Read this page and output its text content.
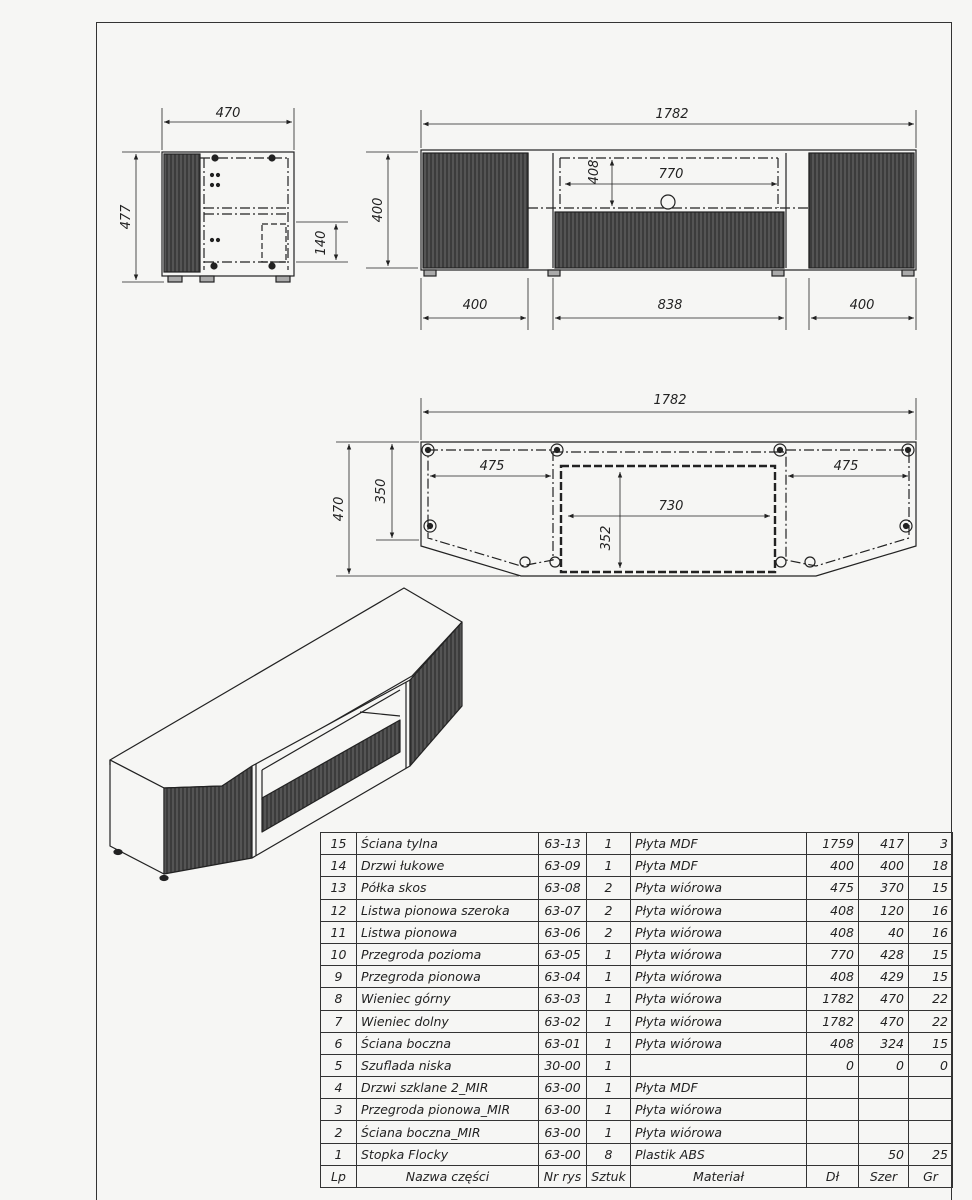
470
477
140
1782
400
770
408
400	838	400
1782
470
350
475	475
730
352
Lp	Nazwa części	Nr rys	Sztuk	Materiał	Dł	Szer	Gr
15	Ściana tylna	63-13	1	Płyta MDF	1759	417	3
14	Drzwi łukowe	63-09	1	Płyta MDF	400	400	18
13	Półka skos	63-08	2	Płyta wiórowa	475	370	15
12	Listwa pionowa szeroka	63-07	2	Płyta wiórowa	408	120	16
11	Listwa pionowa	63-06	2	Płyta wiórowa	408	40	16
10	Przegroda pozioma	63-05	1	Płyta wiórowa	770	428	15
9	Przegroda pionowa	63-04	1	Płyta wiórowa	408	429	15
8	Wieniec górny	63-03	1	Płyta wiórowa	1782	470	22
7	Wieniec dolny	63-02	1	Płyta wiórowa	1782	470	22
6	Ściana boczna	63-01	1	Płyta wiórowa	408	324	15
5	Szuflada niska	30-00	1		0	0	0
4	Drzwi szklane 2_MIR	63-00	1	Płyta MDF			
3	Przegroda pionowa_MIR	63-00	1	Płyta wiórowa			
2	Ściana boczna_MIR	63-00	1	Płyta wiórowa			
1	Stopka Flocky	63-00	8	Plastik ABS		50	25
